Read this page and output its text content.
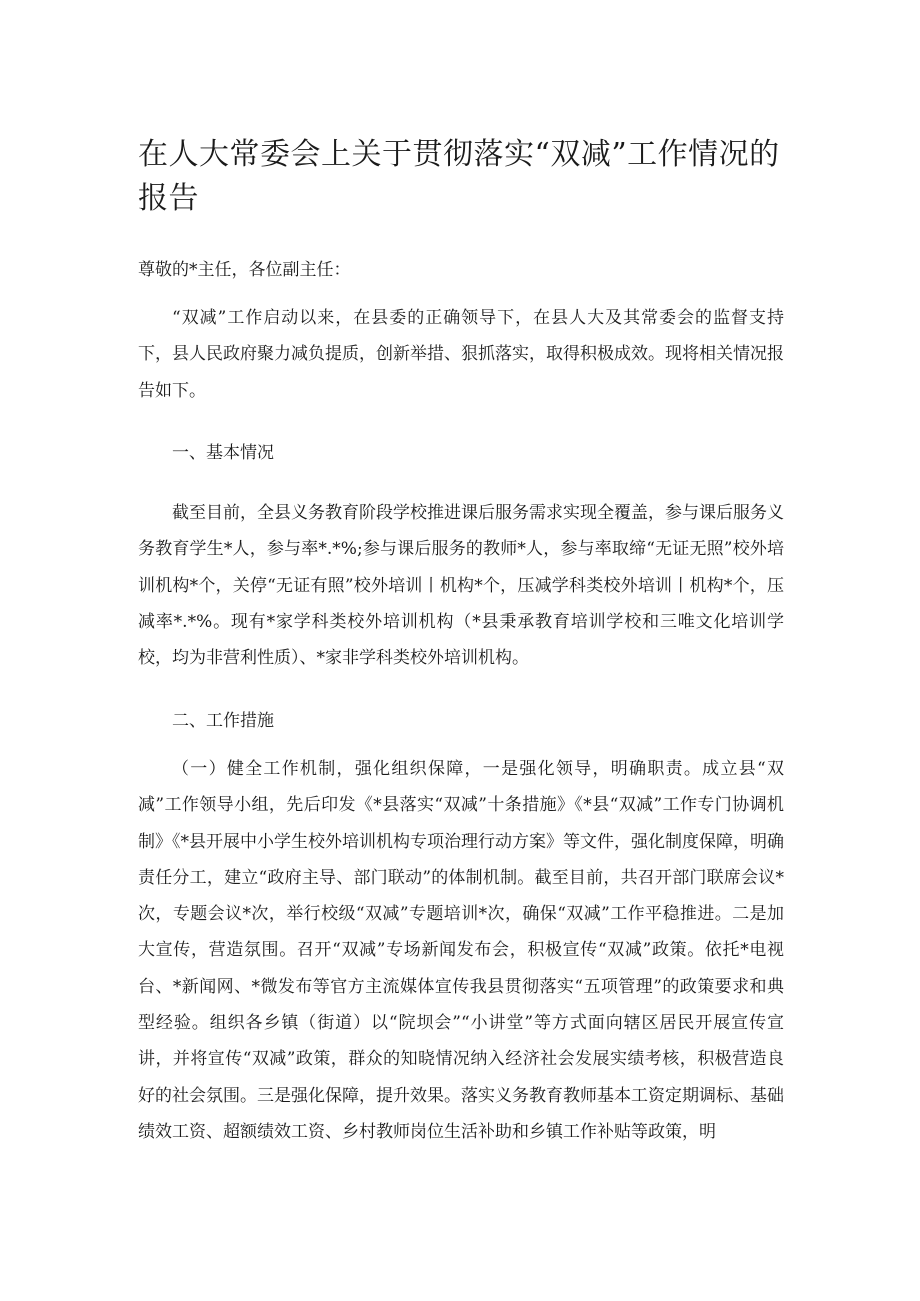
在人大常委会上关于贯彻落实“双减”工作情况的报告

尊敬的*主任，各位副主任：

“双减”工作启动以来，在县委的正确领导下，在县人大及其常委会的监督支持下，县人民政府聚力减负提质，创新举措、狠抓落实，取得积极成效。现将相关情况报告如下。

一、基本情况

截至目前，全县义务教育阶段学校推进课后服务需求实现全覆盖，参与课后服务义务教育学生*人，参与率*.*%;参与课后服务的教师*人，参与率取缔“无证无照”校外培训机构*个，关停“无证有照”校外培训丨机构*个，压减学科类校外培训丨机构*个，压减率*.*%。现有*家学科类校外培训机构（*县秉承教育培训学校和三唯文化培训学校，均为非营利性质）、*家非学科类校外培训机构。

二、工作措施

（一）健全工作机制，强化组织保障，一是强化领导，明确职责。成立县“双减”工作领导小组，先后印发《*县落实“双减”十条措施》《*县“双减”工作专门协调机制》《*县开展中小学生校外培训机构专项治理行动方案》等文件，强化制度保障，明确责任分工，建立“政府主导、部门联动”的体制机制。截至目前，共召开部门联席会议*次，专题会议*次，举行校级“双减”专题培训*次，确保“双减”工作平稳推进。二是加大宣传，营造氛围。召开“双减”专场新闻发布会，积极宣传“双减”政策。依托*电视台、*新闻网、*微发布等官方主流媒体宣传我县贯彻落实“五项管理”的政策要求和典型经验。组织各乡镇（街道）以“院坝会”“小讲堂”等方式面向辖区居民开展宣传宣讲，并将宣传“双减”政策，群众的知晓情况纳入经济社会发展实绩考核，积极营造良好的社会氛围。三是强化保障，提升效果。落实义务教育教师基本工资定期调标、基础绩效工资、超额绩效工资、乡村教师岗位生活补助和乡镇工作补贴等政策，明
